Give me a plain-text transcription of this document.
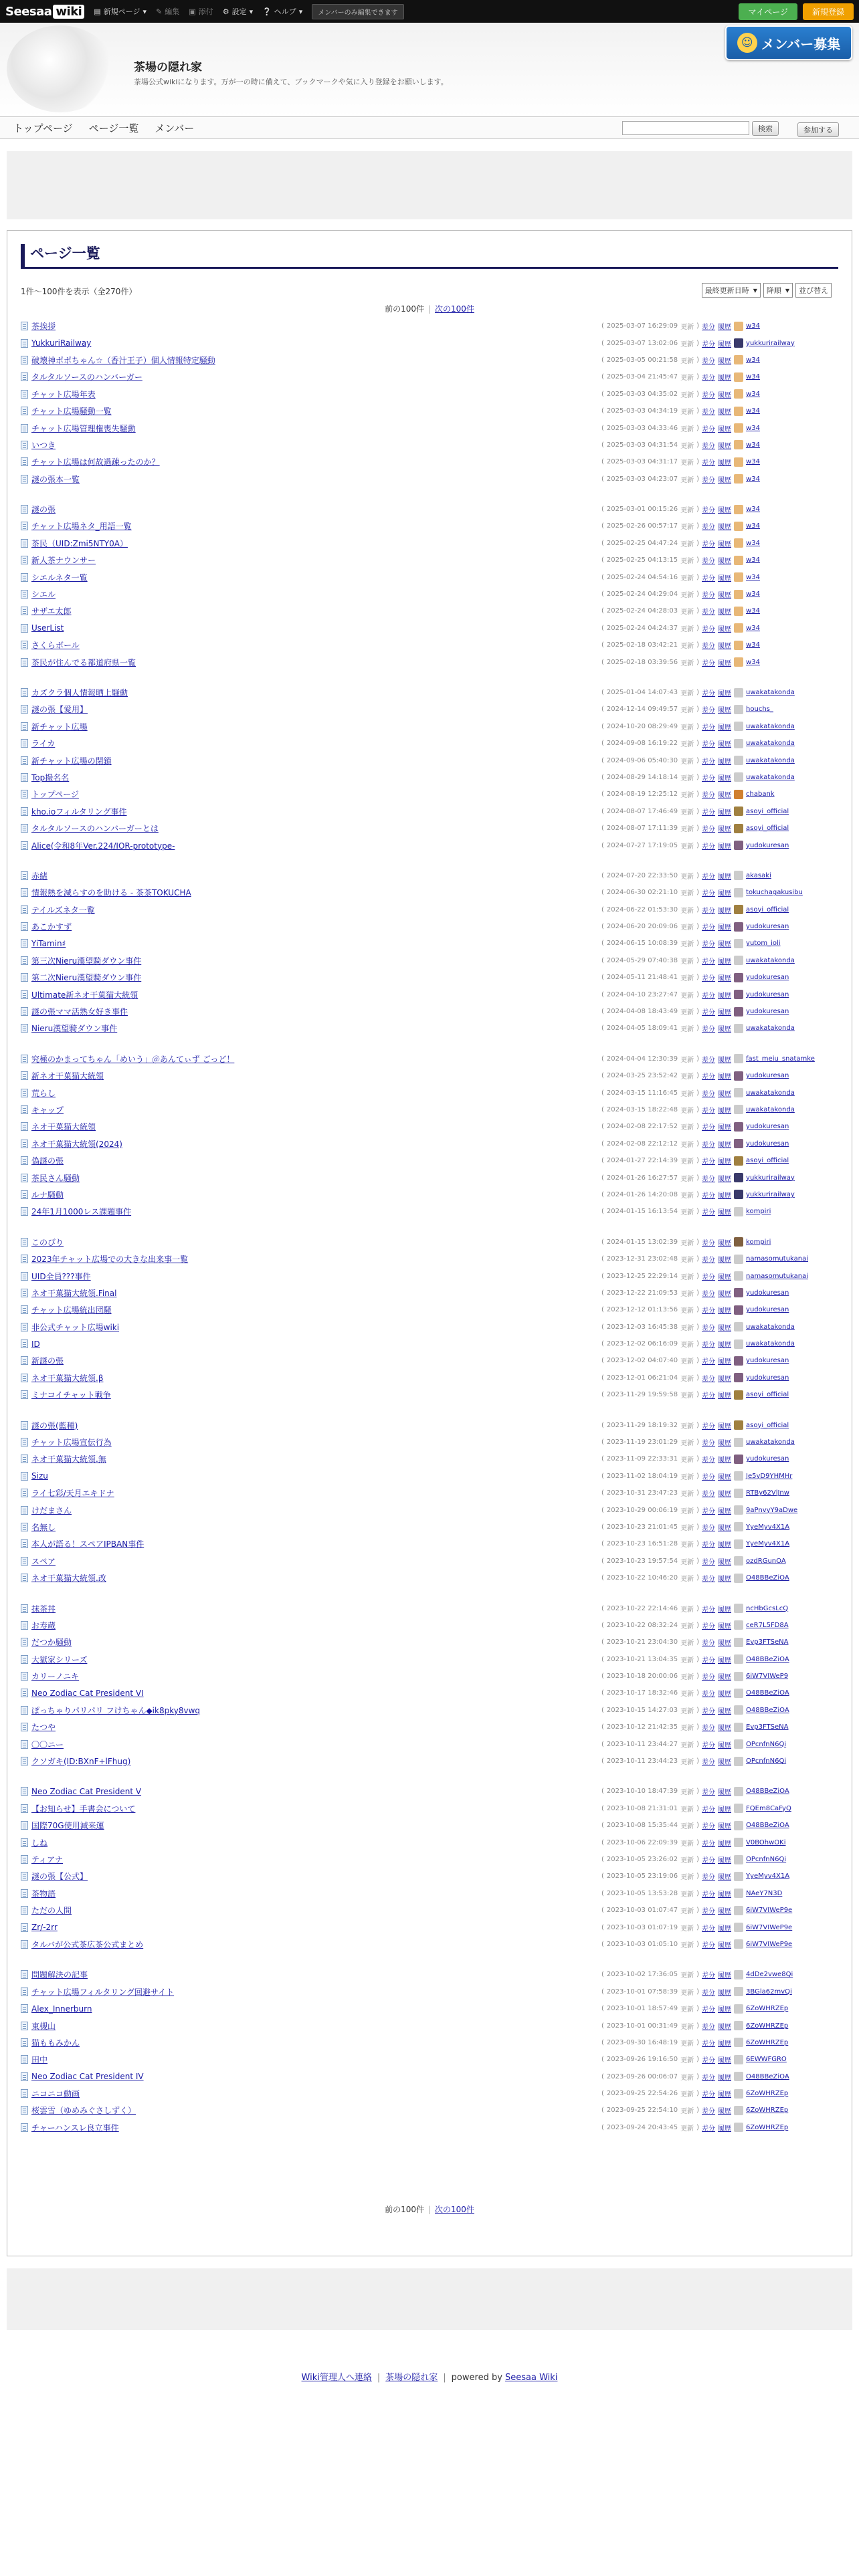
Seesaa wiki	▤ 新規ページ ▾ ✎ 編集 ▣ 添付 ⚙ 設定 ▾ ❔ ヘルプ ▾	メンバーのみ編集できます	マイページ	新規登録
茶場の隠れ家
茶場公式wikiになります。万が一の時に備えて、ブックマークや気に入り登録をお願いします。
☺ メンバー募集
トップページ ページ一覧 メンバー	検索	参加する
ページ一覧
1件～100件を表示（全270件）	最終更新日時 ▼ 降順 ▼	並び替え
前の100件 | 次の100件
茶挨拶	( 2025-03-07 16:29:09 更新 ) 差分 履歴 w34
YukkuriRailway	( 2025-03-07 13:02:06 更新 ) 差分 履歴 yukkurirailway
破壊神ポポちゃん☆（香汁王子）個人情報特定騒動	( 2025-03-05 00:21:58 更新 ) 差分 履歴 w34
タルタルソースのハンバーガー	( 2025-03-04 21:45:47 更新 ) 差分 履歴 w34
チャット広場年表	( 2025-03-03 04:35:02 更新 ) 差分 履歴 w34
チャット広場騒動一覧	( 2025-03-03 04:34:19 更新 ) 差分 履歴 w34
チャット広場管理権喪失騒動	( 2025-03-03 04:33:46 更新 ) 差分 履歴 w34
いつき	( 2025-03-03 04:31:54 更新 ) 差分 履歴 w34
チャット広場は何故過疎ったのか？	( 2025-03-03 04:31:17 更新 ) 差分 履歴 w34
謎の張本一覧	( 2025-03-03 04:23:07 更新 ) 差分 履歴 w34
謎の張	( 2025-03-01 00:15:26 更新 ) 差分 履歴 w34
チャット広場ネタ_用語一覧	( 2025-02-26 00:57:17 更新 ) 差分 履歴 w34
茶民（UID:Zmi5NTY0A）	( 2025-02-25 04:47:24 更新 ) 差分 履歴 w34
新人茶ナウンサー	( 2025-02-25 04:13:15 更新 ) 差分 履歴 w34
シエルネタ一覧	( 2025-02-24 04:54:16 更新 ) 差分 履歴 w34
シエル	( 2025-02-24 04:29:04 更新 ) 差分 履歴 w34
サザエ太郎	( 2025-02-24 04:28:03 更新 ) 差分 履歴 w34
UserList	( 2025-02-24 04:24:37 更新 ) 差分 履歴 w34
さくらボール	( 2025-02-18 03:42:21 更新 ) 差分 履歴 w34
茶民が住んでる都道府県一覧	( 2025-02-18 03:39:56 更新 ) 差分 履歴 w34
カズクラ個人情報晒上騒動	( 2025-01-04 14:07:43 更新 ) 差分 履歴 uwakatakonda
謎の張【愛用】	( 2024-12-14 09:49:57 更新 ) 差分 履歴 houchs_
新チャット広場	( 2024-10-20 08:29:49 更新 ) 差分 履歴 uwakatakonda
ライカ	( 2024-09-08 16:19:22 更新 ) 差分 履歴 uwakatakonda
新チャット広場の閉鎖	( 2024-09-06 05:40:30 更新 ) 差分 履歴 uwakatakonda
Top撮名名	( 2024-08-29 14:18:14 更新 ) 差分 履歴 uwakatakonda
トップページ	( 2024-08-19 12:25:12 更新 ) 差分 履歴 chabank
kho.ioフィルタリング事件	( 2024-08-07 17:46:49 更新 ) 差分 履歴 asoyi_official
タルタルソースのハンバーガーとは	( 2024-08-07 17:11:39 更新 ) 差分 履歴 asoyi_official
Alice(令和8年Ver.224/IOR-prototype-	( 2024-07-27 17:19:05 更新 ) 差分 履歴 yudokuresan
赤緒	( 2024-07-20 22:33:50 更新 ) 差分 履歴 akasaki
情報熱を減らすのを助ける - 茶茶TOKUCHA	( 2024-06-30 02:21:10 更新 ) 差分 履歴 tokuchagakusibu
テイルズネタ一覧	( 2024-06-22 01:53:30 更新 ) 差分 履歴 asoyi_official
あこかすず	( 2024-06-20 20:09:06 更新 ) 差分 履歴 yudokuresan
YiTamin♯	( 2024-06-15 10:08:39 更新 ) 差分 履歴 yutom_ioli
第三次Nieru漢望騎ダウン事件	( 2024-05-29 07:40:38 更新 ) 差分 履歴 uwakatakonda
第二次Nieru漢望騎ダウン事件	( 2024-05-11 21:48:41 更新 ) 差分 履歴 yudokuresan
Ultimate新ネオ干菓猫大統領	( 2024-04-10 23:27:47 更新 ) 差分 履歴 yudokuresan
謎の張ママ活熟女好き事件	( 2024-04-08 18:43:49 更新 ) 差分 履歴 yudokuresan
Nieru漢望騎ダウン事件	( 2024-04-05 18:09:41 更新 ) 差分 履歴 uwakatakonda
究極のかまってちゃん「めいう」＠あんてぃず ごっど！	( 2024-04-04 12:30:39 更新 ) 差分 履歴 fast_meiu_snatamke
新ネオ干菓猫大統領	( 2024-03-25 23:52:42 更新 ) 差分 履歴 yudokuresan
荒らし	( 2024-03-15 11:16:45 更新 ) 差分 履歴 uwakatakonda
キャップ	( 2024-03-15 18:22:48 更新 ) 差分 履歴 uwakatakonda
ネオ干菓猫大統領	( 2024-02-08 22:17:52 更新 ) 差分 履歴 yudokuresan
ネオ干菓猫大統領(2024)	( 2024-02-08 22:12:12 更新 ) 差分 履歴 yudokuresan
偽謎の張	( 2024-01-27 22:14:39 更新 ) 差分 履歴 asoyi_official
茶民さん騒動	( 2024-01-26 16:27:57 更新 ) 差分 履歴 yukkurirailway
ルナ騒動	( 2024-01-26 14:20:08 更新 ) 差分 履歴 yukkurirailway
24年1月1000レス課題事件	( 2024-01-15 16:13:54 更新 ) 差分 履歴 kompiri
このびり	( 2024-01-15 13:02:39 更新 ) 差分 履歴 kompiri
2023年チャット広場での大きな出来事一覧	( 2023-12-31 23:02:48 更新 ) 差分 履歴 namasomutukanai
UID全員???事件	( 2023-12-25 22:29:14 更新 ) 差分 履歴 namasomutukanai
ネオ干菓猫大統領.Final	( 2023-12-22 21:09:53 更新 ) 差分 履歴 yudokuresan
チャット広場統出団騒	( 2023-12-12 01:13:56 更新 ) 差分 履歴 yudokuresan
非公式チャット広場wiki	( 2023-12-03 16:45:38 更新 ) 差分 履歴 uwakatakonda
ID	( 2023-12-02 06:16:09 更新 ) 差分 履歴 uwakatakonda
新謎の張	( 2023-12-02 04:07:40 更新 ) 差分 履歴 yudokuresan
ネオ干菓猫大統領.β	( 2023-12-01 06:21:04 更新 ) 差分 履歴 yudokuresan
ミナコイチャット戦争	( 2023-11-29 19:59:58 更新 ) 差分 履歴 asoyi_official
謎の張(藍種)	( 2023-11-29 18:19:32 更新 ) 差分 履歴 asoyi_official
チャット広場宣伝行為	( 2023-11-19 23:01:29 更新 ) 差分 履歴 uwakatakonda
ネオ干菓猫大統領.無	( 2023-11-09 22:33:31 更新 ) 差分 履歴 yudokuresan
Sizu	( 2023-11-02 18:04:19 更新 ) 差分 履歴 Je5yD9YHMHr
ライ七彩/天月エキドナ	( 2023-10-31 23:47:23 更新 ) 差分 履歴 RTBy62VlJnw
けだまさん	( 2023-10-29 00:06:19 更新 ) 差分 履歴 9aPnvyY9aDwe
名無し	( 2023-10-23 21:01:45 更新 ) 差分 履歴 YyeMyv4X1A
本人が語る！スペアIPBAN事件	( 2023-10-23 16:51:28 更新 ) 差分 履歴 YyeMyv4X1A
スペア	( 2023-10-23 19:57:54 更新 ) 差分 履歴 ozdRGunOA
ネオ干菓猫大統領.改	( 2023-10-22 10:46:20 更新 ) 差分 履歴 O48BBeZiOA
抹茶丼	( 2023-10-22 22:14:46 更新 ) 差分 履歴 ncHbGcsLcQ
お寿蔵	( 2023-10-22 08:32:24 更新 ) 差分 履歴 ceR7L5FD8A
だつか騒動	( 2023-10-21 23:04:30 更新 ) 差分 履歴 Evp3FTSeNA
大獄家シリーズ	( 2023-10-21 13:04:35 更新 ) 差分 履歴 O48BBeZiOA
カリーノニキ	( 2023-10-18 20:00:06 更新 ) 差分 履歴 6iW7VIWeP9
Neo Zodiac Cat President VI	( 2023-10-17 18:32:46 更新 ) 差分 履歴 O48BBeZiOA
ぽっちゃりパリパリ フけちゃん◆ik8pky8vwq	( 2023-10-15 14:27:03 更新 ) 差分 履歴 O48BBeZiOA
たつや	( 2023-10-12 21:42:35 更新 ) 差分 履歴 Evp3FTSeNA
〇〇ニー	( 2023-10-11 23:44:27 更新 ) 差分 履歴 OPcnfnN6Qi
クソガキ(ID:BXnF+lFhug)	( 2023-10-11 23:44:23 更新 ) 差分 履歴 OPcnfnN6Qi
Neo Zodiac Cat President V	( 2023-10-10 18:47:39 更新 ) 差分 履歴 O48BBeZiOA
【お知らせ】手書会について	( 2023-10-08 21:31:01 更新 ) 差分 履歴 FQEm8CaFyQ
国際70G使用減来運	( 2023-10-08 15:35:44 更新 ) 差分 履歴 O48BBeZiOA
しね	( 2023-10-06 22:09:39 更新 ) 差分 履歴 V0BOhwOKi
ティアナ	( 2023-10-05 23:26:02 更新 ) 差分 履歴 OPcnfnN6Qi
謎の張【公式】	( 2023-10-05 23:19:06 更新 ) 差分 履歴 YyeMyv4X1A
茶物語	( 2023-10-05 13:53:28 更新 ) 差分 履歴 NAeY7N3D
ただの人間	( 2023-10-03 01:07:47 更新 ) 差分 履歴 6iW7VIWeP9e
Zr/-2rr	( 2023-10-03 01:07:19 更新 ) 差分 履歴 6iW7VIWeP9e
タルバが公式茶広茶公式まとめ	( 2023-10-03 01:05:10 更新 ) 差分 履歴 6iW7VIWeP9e
問題解決の記事	( 2023-10-02 17:36:05 更新 ) 差分 履歴 4dDe2vwe8Qi
チャット広場フィルタリング回避サイト	( 2023-10-01 07:58:39 更新 ) 差分 履歴 3BGla62mvQi
Alex_Innerburn	( 2023-10-01 18:57:49 更新 ) 差分 履歴 6ZoWHRZEp
東槻山	( 2023-10-01 00:31:49 更新 ) 差分 履歴 6ZoWHRZEp
猫ももみかん	( 2023-09-30 16:48:19 更新 ) 差分 履歴 6ZoWHRZEp
田中	( 2023-09-26 19:16:50 更新 ) 差分 履歴 6EWWFGRO
Neo Zodiac Cat President IV	( 2023-09-26 00:06:07 更新 ) 差分 履歴 O48BBeZiOA
ニコニコ動画	( 2023-09-25 22:54:26 更新 ) 差分 履歴 6ZoWHRZEp
桜雲雪（ゆめみぐさしずく）	( 2023-09-25 22:54:10 更新 ) 差分 履歴 6ZoWHRZEp
チャーハンスレ良立事件	( 2023-09-24 20:43:45 更新 ) 差分 履歴 6ZoWHRZEp
前の100件 | 次の100件
Wiki管理人へ連絡 | 茶場の隠れ家 | powered by Seesaa Wiki
